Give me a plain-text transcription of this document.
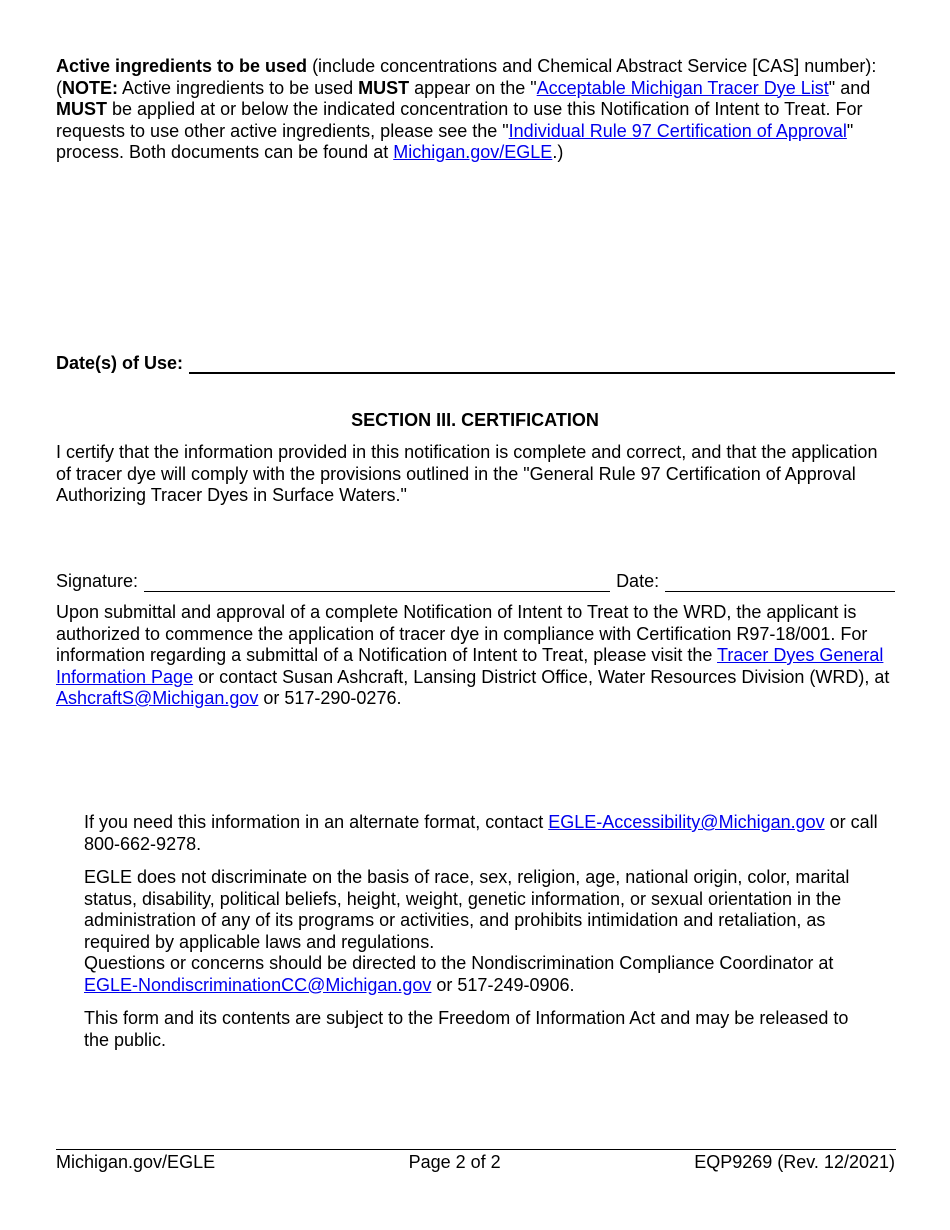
Active ingredients to be used (include concentrations and Chemical Abstract Service [CAS] number): (NOTE: Active ingredients to be used MUST appear on the "Acceptable Michigan Tracer Dye List" and MUST be applied at or below the indicated concentration to use this Notification of Intent to Treat. For requests to use other active ingredients, please see the "Individual Rule 97 Certification of Approval" process. Both documents can be found at Michigan.gov/EGLE.)
Date(s) of Use:
SECTION III. CERTIFICATION

I certify that the information provided in this notification is complete and correct, and that the application of tracer dye will comply with the provisions outlined in the "General Rule 97 Certification of Approval Authorizing Tracer Dyes in Surface Waters."

Signature:	Date:

Upon submittal and approval of a complete Notification of Intent to Treat to the WRD, the applicant is authorized to commence the application of tracer dye in compliance with Certification R97-18/001. For information regarding a submittal of a Notification of Intent to Treat, please visit the Tracer Dyes General Information Page or contact Susan Ashcraft, Lansing District Office, Water Resources Division (WRD), at AshcraftS@Michigan.gov or 517-290-0276.

If you need this information in an alternate format, contact EGLE-Accessibility@Michigan.gov or call 800-662-9278.

EGLE does not discriminate on the basis of race, sex, religion, age, national origin, color, marital status, disability, political beliefs, height, weight, genetic information, or sexual orientation in the administration of any of its programs or activities, and prohibits intimidation and retaliation, as required by applicable laws and regulations.

Questions or concerns should be directed to the Nondiscrimination Compliance Coordinator at EGLE-NondiscriminationCC@Michigan.gov or 517-249-0906.

This form and its contents are subject to the Freedom of Information Act and may be released to the public.

Michigan.gov/EGLE	Page 2 of 2	EQP9269 (Rev. 12/2021)
